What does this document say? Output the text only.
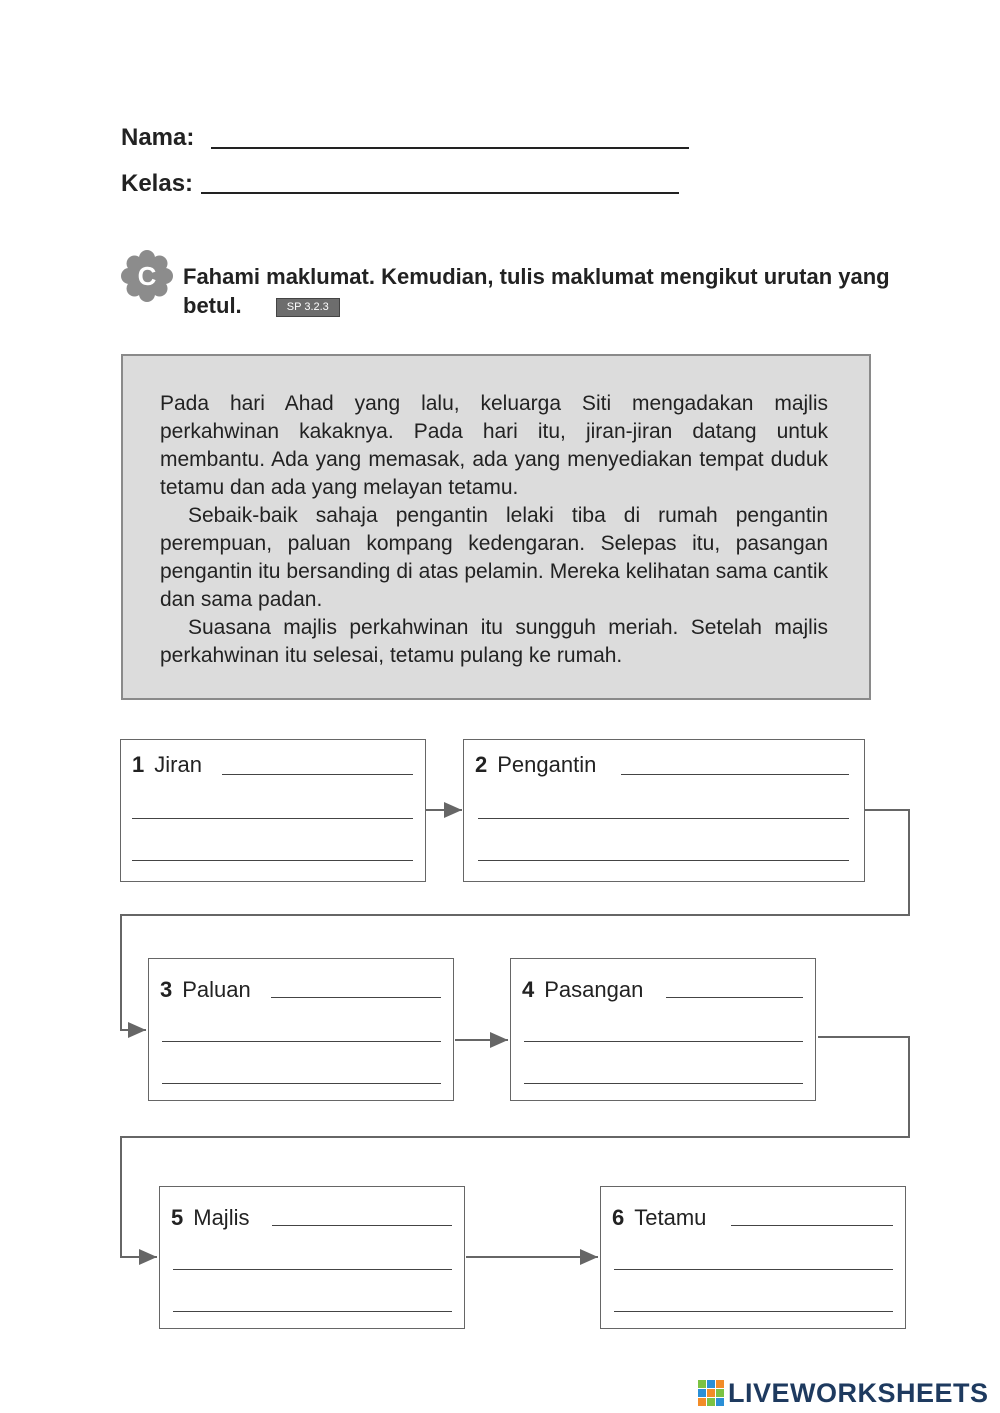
Nama:
Kelas:
C Fahami maklumat. Kemudian, tulis maklumat mengikut urutan yang betul.	SP 3.2.3

Pada hari Ahad yang lalu, keluarga Siti mengadakan majlis perkahwinan kakaknya. Pada hari itu, jiran-jiran datang untuk membantu. Ada yang memasak, ada yang menyediakan tempat duduk tetamu dan ada yang melayan tetamu.

Sebaik-baik sahaja pengantin lelaki tiba di rumah pengantin perempuan, paluan kompang kedengaran. Selepas itu, pasangan pengantin itu bersanding di atas pelamin. Mereka kelihatan sama cantik dan sama padan.

Suasana majlis perkahwinan itu sungguh meriah. Setelah majlis perkahwinan itu selesai, tetamu pulang ke rumah.

1 Jiran	2 Pengantin
3 Paluan	4 Pasangan
5 Majlis	6 Tetamu
LIVEWORKSHEETS
